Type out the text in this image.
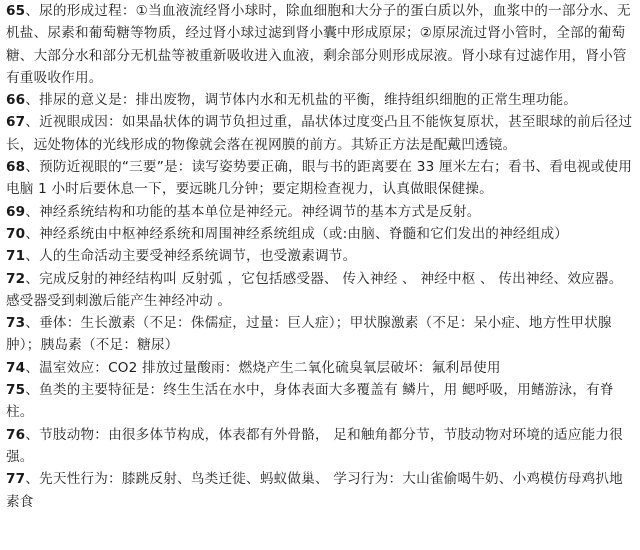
65、尿的形成过程：①当血液流经肾小球时，除血细胞和大分子的蛋白质以外，血浆中的一部分水、无机盐、尿素和葡萄糖等物质，经过肾小球过滤到肾小囊中形成原尿；②原尿流过肾小管时，全部的葡萄糖、大部分水和部分无机盐等被重新吸收进入血液，剩余部分则形成尿液。肾小球有过滤作用，肾小管有重吸收作用。
66、排尿的意义是：排出废物，调节体内水和无机盐的平衡，维持组织细胞的正常生理功能。
67、近视眼成因：如果晶状体的调节负担过重，晶状体过度变凸且不能恢复原状，甚至眼球的前后径过长，远处物体的光线形成的物像就会落在视网膜的前方。其矫正方法是配戴凹透镜。
68、预防近视眼的“三要”是：读写姿势要正确，眼与书的距离要在 33 厘米左右；看书、看电视或使用电脑 1 小时后要休息一下，要远眺几分钟；要定期检查视力，认真做眼保健操。
69、神经系统结构和功能的基本单位是神经元。神经调节的基本方式是反射。
70、神经系统由中枢神经系统和周围神经系统组成（或:由脑、脊髓和它们发出的神经组成）
71、人的生命活动主要受神经系统调节，也受激素调节。
72、完成反射的神经结构叫 反射弧 ，它包括感受器、 传入神经 、 神经中枢 、 传出神经、效应器。感受器受到刺激后能产生神经冲动 。
73、垂体：生长激素（不足：侏儒症，过量：巨人症）；甲状腺激素（不足：呆小症、地方性甲状腺肿）；胰岛素（不足：糖尿）
74、温室效应：CO2 排放过量酸雨：燃烧产生二氧化硫臭氧层破坏：氟利昂使用
75、鱼类的主要特征是：终生生活在水中，身体表面大多覆盖有 鳞片，用 鳃呼吸，用鳍游泳，有脊柱。
76、节肢动物：由很多体节构成，体表都有外骨骼， 足和触角都分节，节肢动物对环境的适应能力很强。
77、先天性行为：膝跳反射、鸟类迁徙、蚂蚁做巢、 学习行为：大山雀偷喝牛奶、小鸡模仿母鸡扒地素食
